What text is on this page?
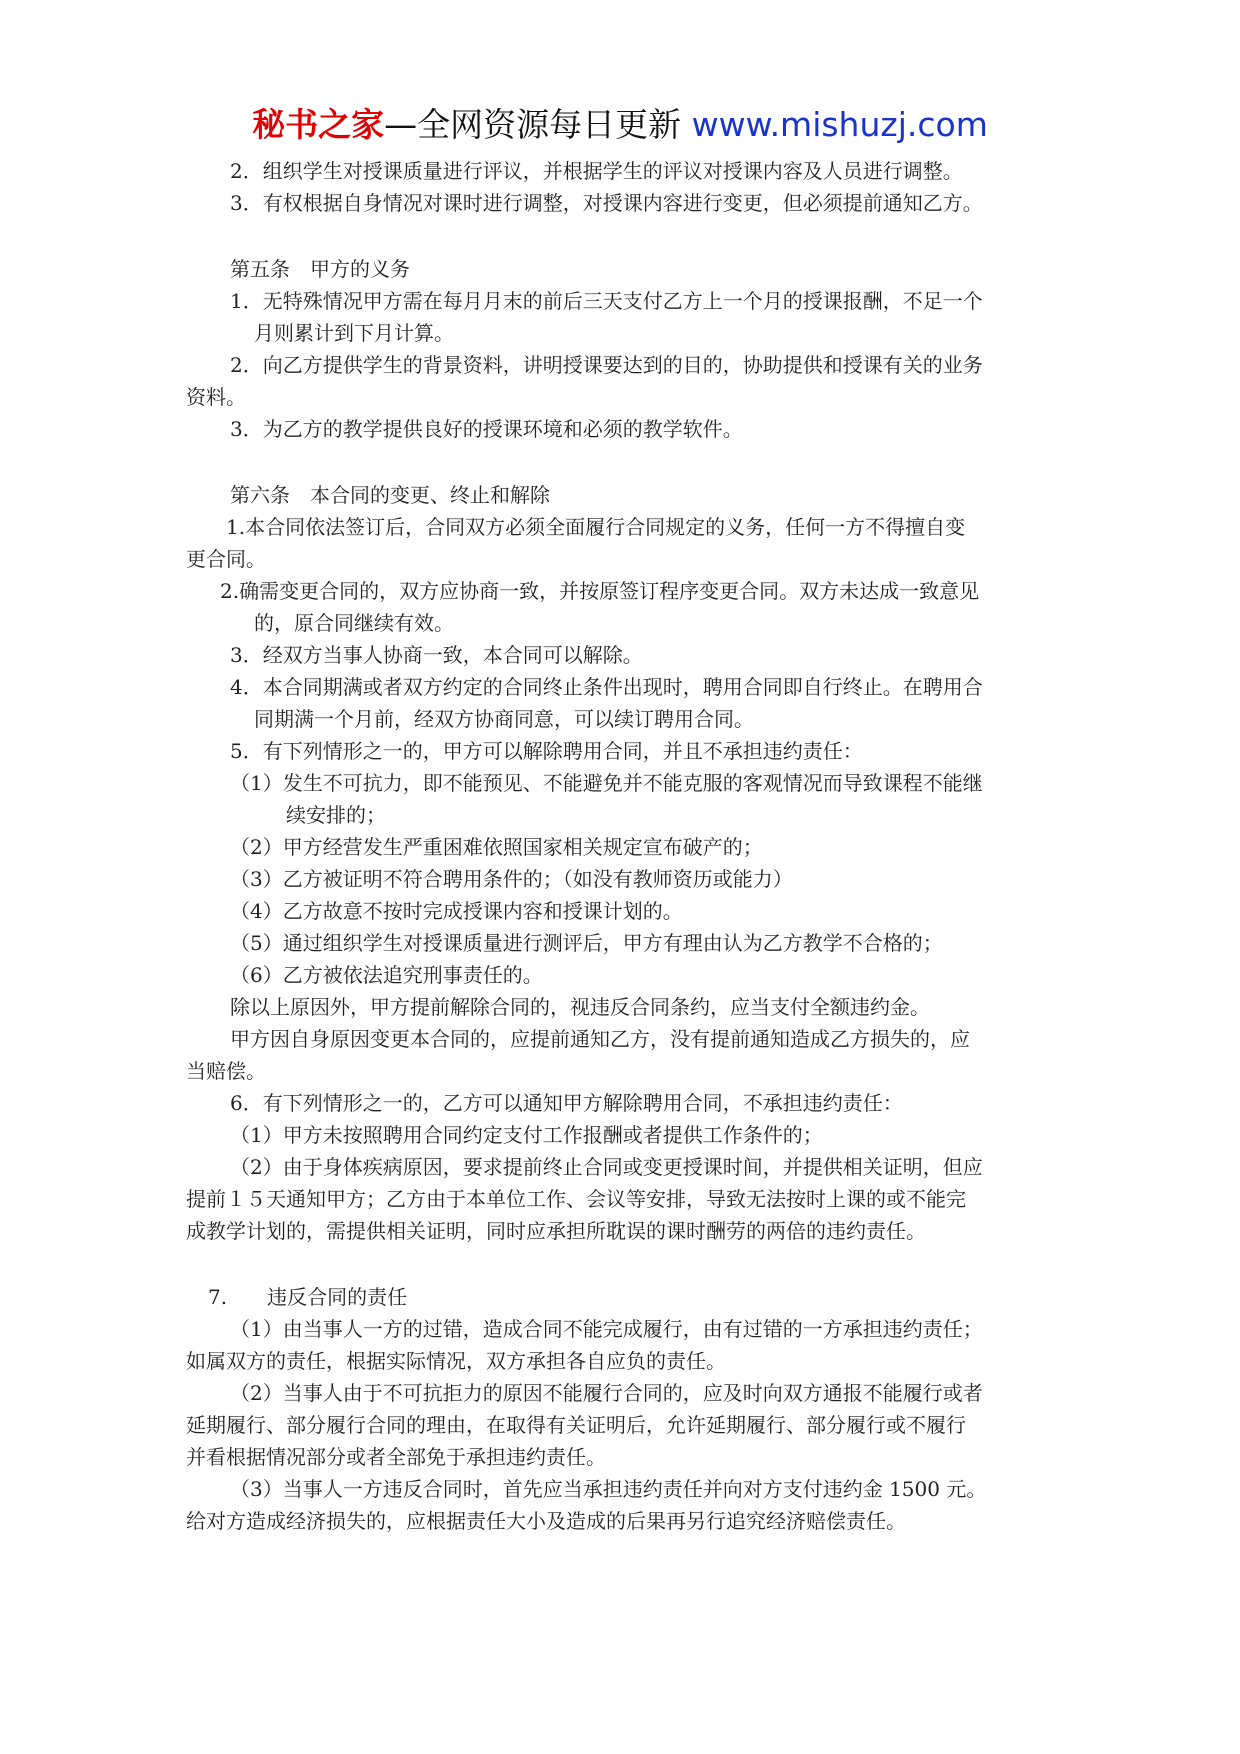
秘书之家—全网资源每日更新 www.mishuzj.com
2．组织学生对授课质量进行评议，并根据学生的评议对授课内容及人员进行调整。
3．有权根据自身情况对课时进行调整，对授课内容进行变更，但必须提前通知乙方。
第五条　甲方的义务
1．无特殊情况甲方需在每月月末的前后三天支付乙方上一个月的授课报酬，不足一个
月则累计到下月计算。
2．向乙方提供学生的背景资料，讲明授课要达到的目的，协助提供和授课有关的业务
资料。
3．为乙方的教学提供良好的授课环境和必须的教学软件。
第六条　本合同的变更、终止和解除
1.本合同依法签订后，合同双方必须全面履行合同规定的义务，任何一方不得擅自变
更合同。
2.确需变更合同的，双方应协商一致，并按原签订程序变更合同。双方未达成一致意见
的，原合同继续有效。
3．经双方当事人协商一致，本合同可以解除。
4．本合同期满或者双方约定的合同终止条件出现时，聘用合同即自行终止。在聘用合
同期满一个月前，经双方协商同意，可以续订聘用合同。
5．有下列情形之一的，甲方可以解除聘用合同，并且不承担违约责任：
（1）发生不可抗力，即不能预见、不能避免并不能克服的客观情况而导致课程不能继
续安排的；
（2）甲方经营发生严重困难依照国家相关规定宣布破产的；
（3）乙方被证明不符合聘用条件的；（如没有教师资历或能力）
（4）乙方故意不按时完成授课内容和授课计划的。
（5）通过组织学生对授课质量进行测评后，甲方有理由认为乙方教学不合格的；
（6）乙方被依法追究刑事责任的。
除以上原因外，甲方提前解除合同的，视违反合同条约，应当支付全额违约金。
甲方因自身原因变更本合同的，应提前通知乙方，没有提前通知造成乙方损失的，应
当赔偿。
6．有下列情形之一的，乙方可以通知甲方解除聘用合同，不承担违约责任：
（1）甲方未按照聘用合同约定支付工作报酬或者提供工作条件的；
（2）由于身体疾病原因，要求提前终止合同或变更授课时间，并提供相关证明，但应
提前１５天通知甲方；乙方由于本单位工作、会议等安排，导致无法按时上课的或不能完
成教学计划的，需提供相关证明，同时应承担所耽误的课时酬劳的两倍的违约责任。
7.　　违反合同的责任
（1）由当事人一方的过错，造成合同不能完成履行，由有过错的一方承担违约责任；
如属双方的责任，根据实际情况，双方承担各自应负的责任。
（2）当事人由于不可抗拒力的原因不能履行合同的，应及时向双方通报不能履行或者
延期履行、部分履行合同的理由，在取得有关证明后，允许延期履行、部分履行或不履行
并看根据情况部分或者全部免于承担违约责任。
（3）当事人一方违反合同时，首先应当承担违约责任并向对方支付违约金 1500 元。
给对方造成经济损失的，应根据责任大小及造成的后果再另行追究经济赔偿责任。
